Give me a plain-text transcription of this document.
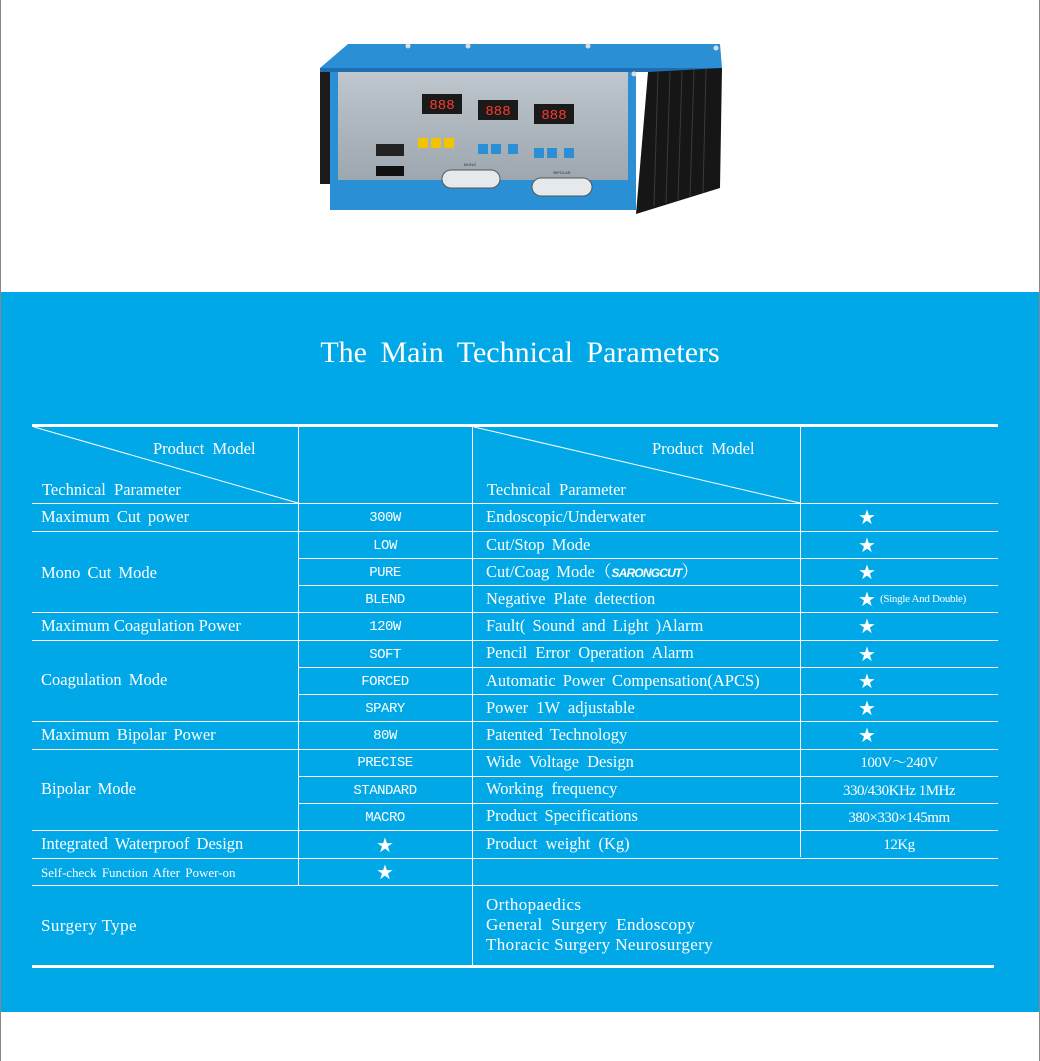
888 888 888
MONO
BIPOLAR
The Main Technical Parameters
Product Model
Technical Parameter
Product Model
Technical Parameter
Maximum Cut power
Mono Cut Mode
Maximum Coagulation Power
Coagulation Mode
Maximum Bipolar Power
Bipolar Mode
Integrated Waterproof Design
Self-check Function After Power-on
300W
LOW
PURE
BLEND
120W
SOFT
FORCED
SPARY
80W
PRECISE
STANDARD
MACRO
★
★
Endoscopic/Underwater
Cut/Stop Mode
Cut/Coag Mode（SARONGCUT）
Negative Plate detection
Fault( Sound and Light )Alarm
Pencil Error Operation Alarm
Automatic Power Compensation(APCS)
Power 1W adjustable
Patented Technology
Wide Voltage Design
Working frequency
Product Specifications
Product weight (Kg)
★
★
★
★ (Single And Double)
★
★
★
★
★
100V～240V
330/430KHz 1MHz
380×330×145mm
12Kg
Surgery Type
Orthopaedics
General Surgery Endoscopy
Thoracic Surgery Neurosurgery
